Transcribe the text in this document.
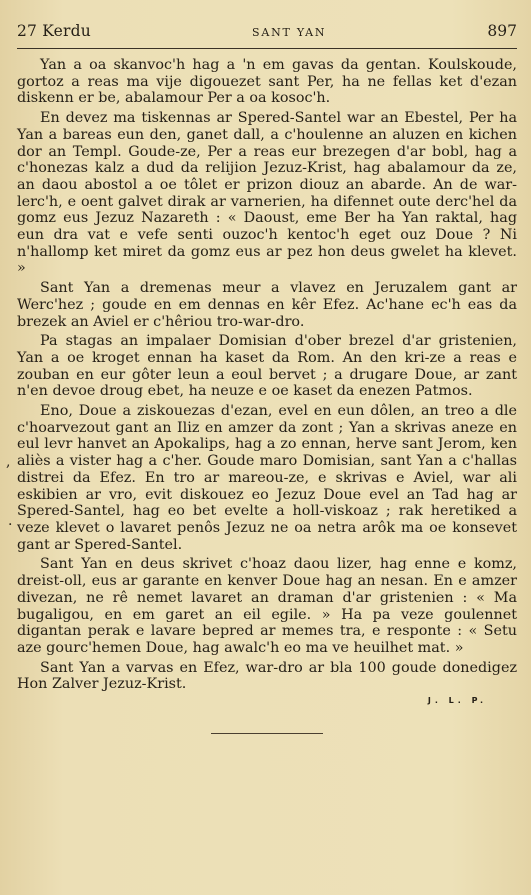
27 Kerdu	SANT YAN	897

Yan a oa skanvoc'h hag a 'n em gavas da gentan. Koulskoude, gortoz a reas ma vije digouezet sant Per, ha ne fellas ket d'ezan diskenn er be, abalamour Per a oa kosoc'h.

En devez ma tiskennas ar Spered-Santel war an Ebestel, Per ha Yan a bareas eun den, ganet dall, a c'houlenne an aluzen en kichen dor an Templ. Goude-ze, Per a reas eur brezegen d'ar bobl, hag a c'honezas kalz a dud da relijion Jezuz-Krist, hag abalamour da ze, an daou abostol a oe tôlet er prizon diouz an abarde. An de war-lerc'h, e oent galvet dirak ar varnerien, ha difennet oute derc'hel da gomz eus Jezuz Nazareth : « Daoust, eme Ber ha Yan raktal, hag eun dra vat e vefe senti ouzoc'h kentoc'h eget ouz Doue ? Ni n'hallomp ket miret da gomz eus ar pez hon deus gwelet ha klevet. »

Sant Yan a dremenas meur a vlavez en Jeruzalem gant ar Werc'hez ; goude en em dennas en kêr Efez. Ac'hane ec'h eas da brezek an Aviel er c'hêriou tro-war-dro.

Pa stagas an impalaer Domisian d'ober brezel d'ar gristenien, Yan a oe kroget ennan ha kaset da Rom. An den kri-ze a reas e zouban en eur gôter leun a eoul bervet ; a drugare Doue, ar zant n'en devoe droug ebet, ha neuze e oe kaset da enezen Patmos.

Eno, Doue a ziskouezas d'ezan, evel en eun dôlen, an treo a dle c'hoarvezout gant an Iliz en amzer da zont ; Yan a skrivas aneze en eul levr hanvet an Apokalips, hag a zo ennan, herve sant Jerom, ken aliès a vister hag a c'her. Goude maro Domisian, sant Yan a c'hallas distrei da Efez. En tro ar mareou-ze, e skrivas e Aviel, war ali eskibien ar vro, evit diskouez eo Jezuz Doue evel an Tad hag ar Spered-Santel, hag eo bet evelte a holl-viskoaz ; rak heretiked a veze klevet o lavaret penôs Jezuz ne oa netra arôk ma oe konsevet gant ar Spered-Santel.

Sant Yan en deus skrivet c'hoaz daou lizer, hag enne e komz, dreist-oll, eus ar garante en kenver Doue hag an nesan. En e amzer divezan, ne rê nemet lavaret an draman d'ar gristenien : « Ma bugaligou, en em garet an eil egile. » Ha pa veze goulennet digantan perak e lavare bepred ar memes tra, e responte : « Setu aze gourc'hemen Doue, hag awalc'h eo ma ve heuilhet mat. »

Sant Yan a varvas en Efez, war-dro ar bla 100 goude donedigez Hon Zalver Jezuz-Krist.

J. L. P.
,
.
